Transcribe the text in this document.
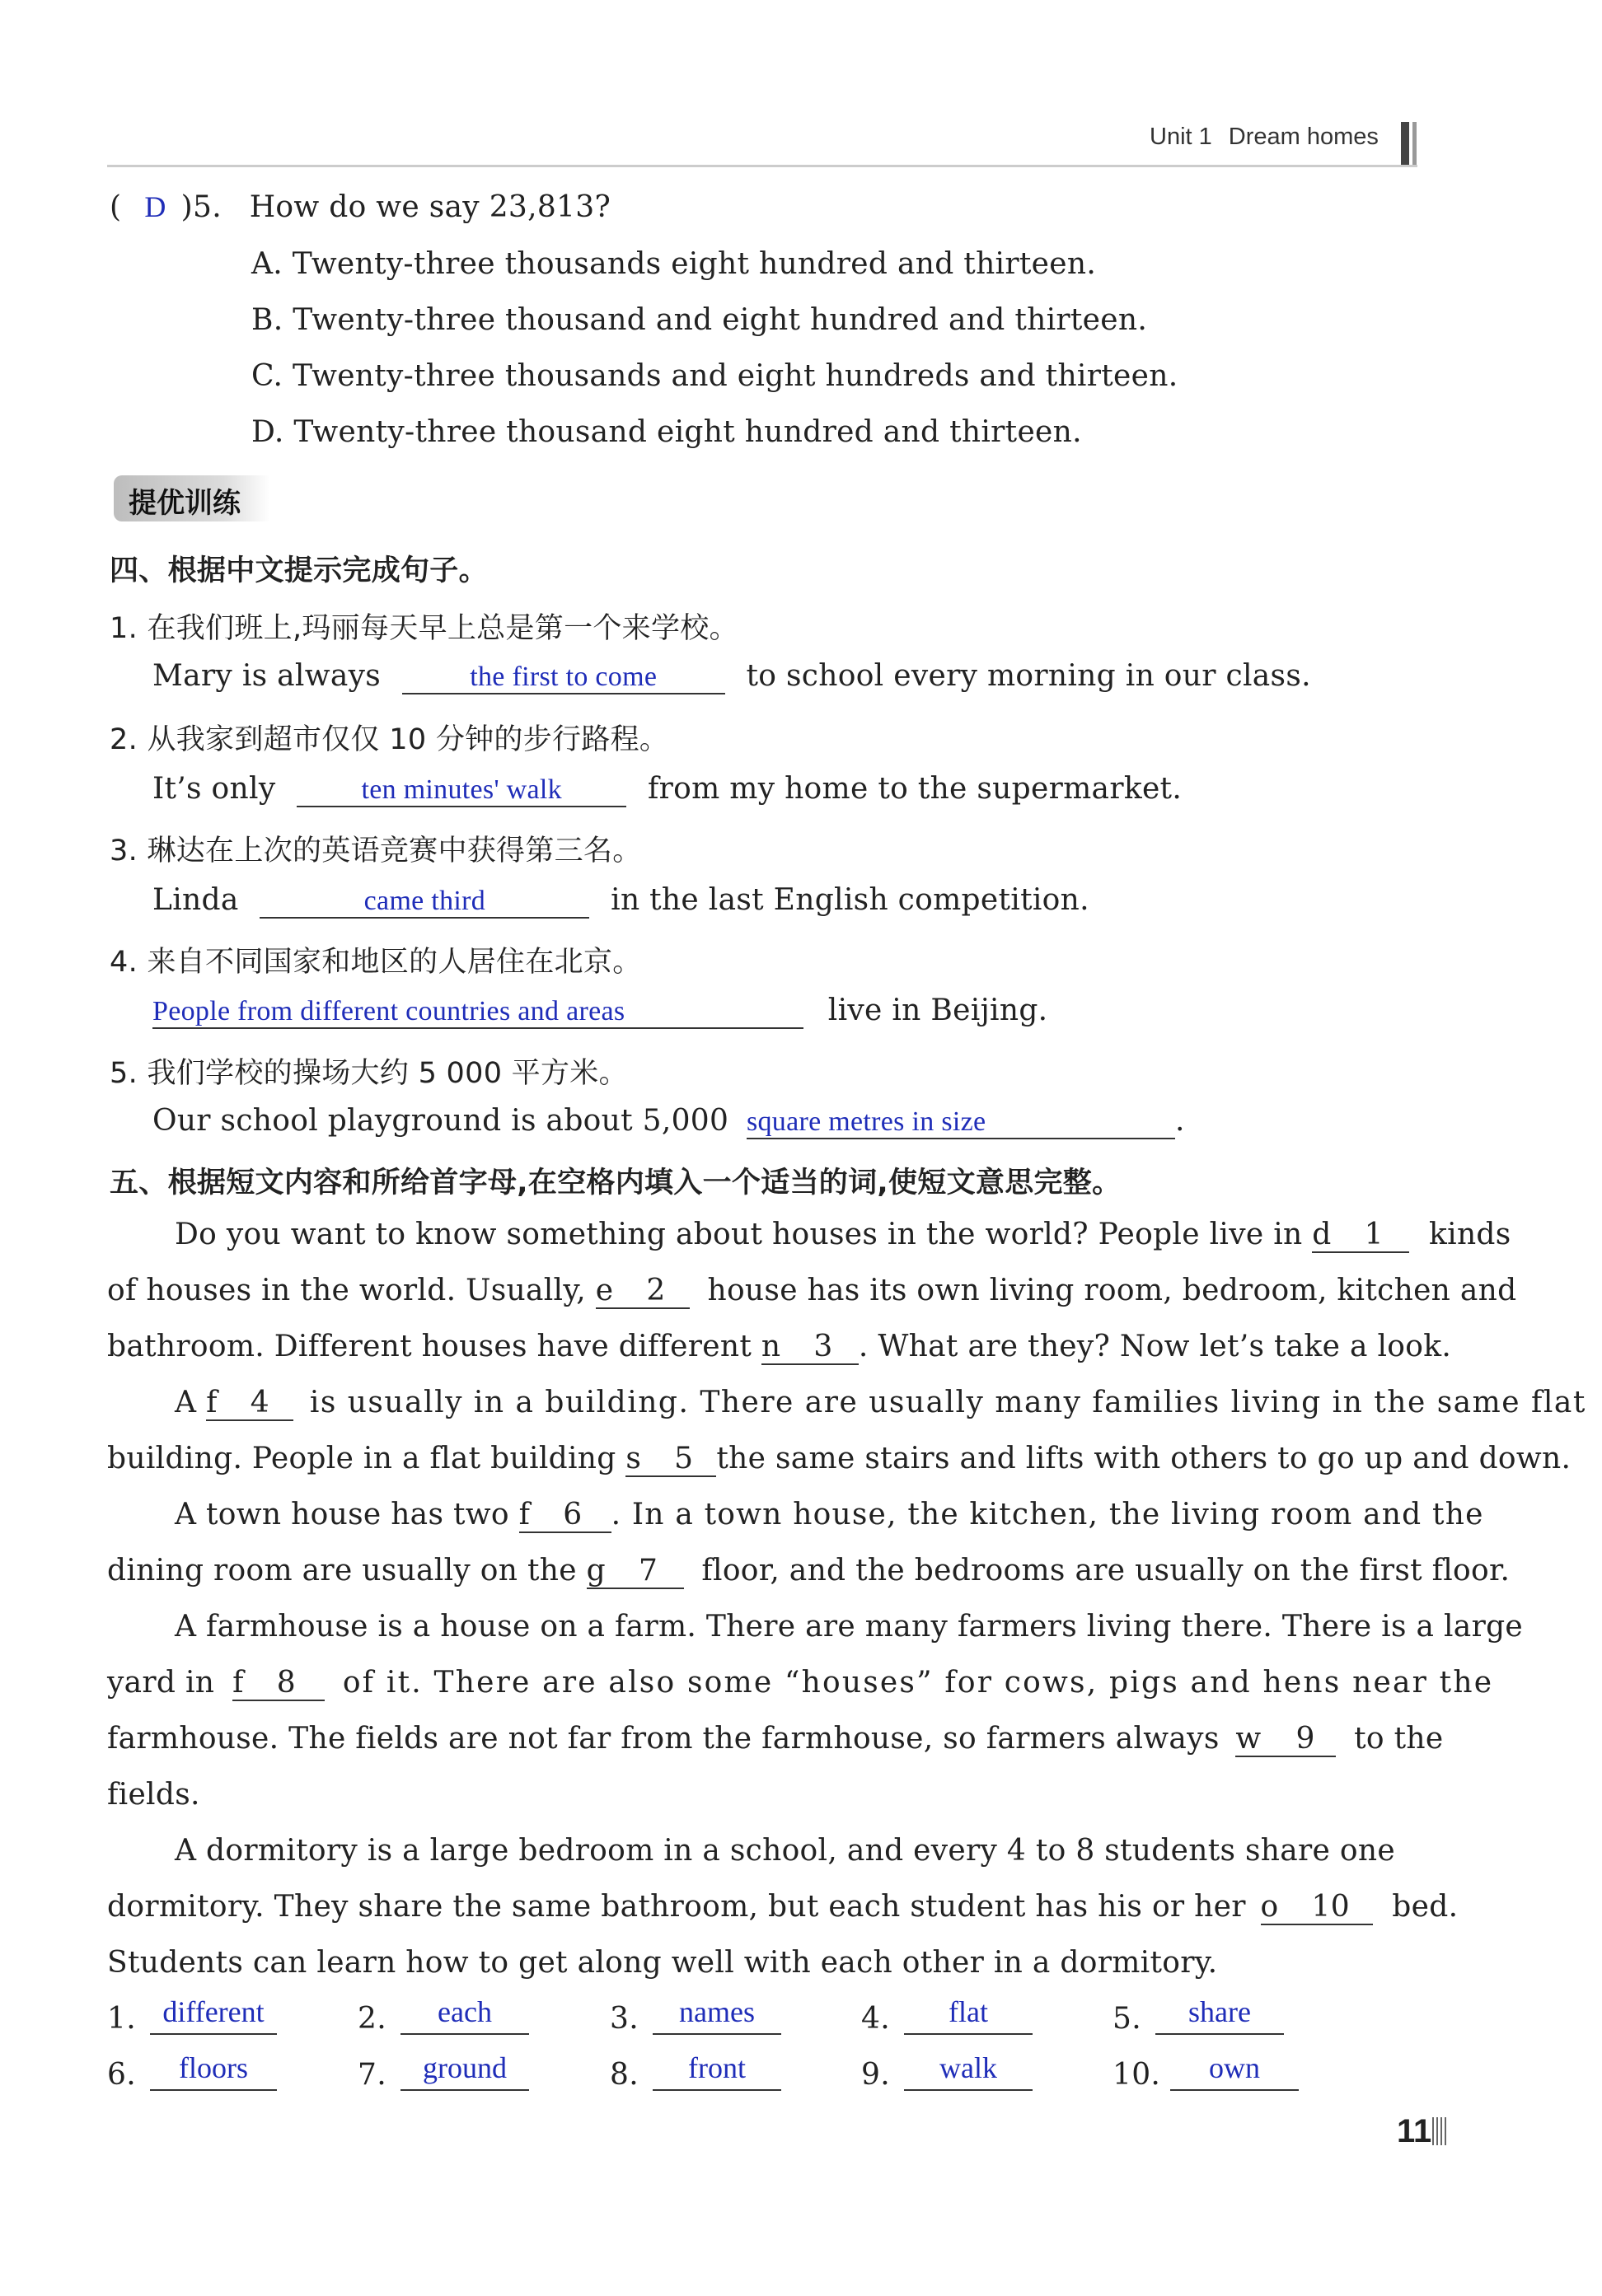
Unit 1 Dream homes
( D )5. How do we say 23,813?
A. Twenty-three thousands eight hundred and thirteen.
B. Twenty-three thousand and eight hundred and thirteen.
C. Twenty-three thousands and eight hundreds and thirteen.
D. Twenty-three thousand eight hundred and thirteen.
提优训练
四、根据中文提示完成句子。
1. 在我们班上,玛丽每天早上总是第一个来学校。
Mary is always	the first to come	to school every morning in our class.
2. 从我家到超市仅仅 10 分钟的步行路程。
It’s only	ten minutes' walk	from my home to the supermarket.
3. 琳达在上次的英语竞赛中获得第三名。
Linda	came third	in the last English competition.
4. 来自不同国家和地区的人居住在北京。
People from different countries and areas	live in Beijing.
5. 我们学校的操场大约 5 000 平方米。
Our school playground is about 5,000 square metres in size	.
五、根据短文内容和所给首字母,在空格内填入一个适当的词,使短文意思完整。
Do you want to know something about houses in the world? People live in d 1 kinds
of houses in the world. Usually, e 2 house has its own living room, bedroom, kitchen and
bathroom. Different houses have different n 3 . What are they? Now let’s take a look.
A f 4 is usually in a building. There are usually many families living in the same flat
building. People in a flat building s 5 the same stairs and lifts with others to go up and down.
A town house has two f 6 . In a town house, the kitchen, the living room and the
dining room are usually on the g 7 floor, and the bedrooms are usually on the first floor.
A farmhouse is a house on a farm. There are many farmers living there. There is a large
yard in f 8 of it. There are also some “houses” for cows, pigs and hens near the
farmhouse. The fields are not far from the farmhouse, so farmers always w 9 to the
fields.
A dormitory is a large bedroom in a school, and every 4 to 8 students share one
dormitory. They share the same bathroom, but each student has his or her o 10 bed.
Students can learn how to get along well with each other in a dormitory.
1. different	2.	each	3.	names	4.	flat	5.	share
6.	floors	7.	ground	8.	front	9.	walk	10.	own
11
